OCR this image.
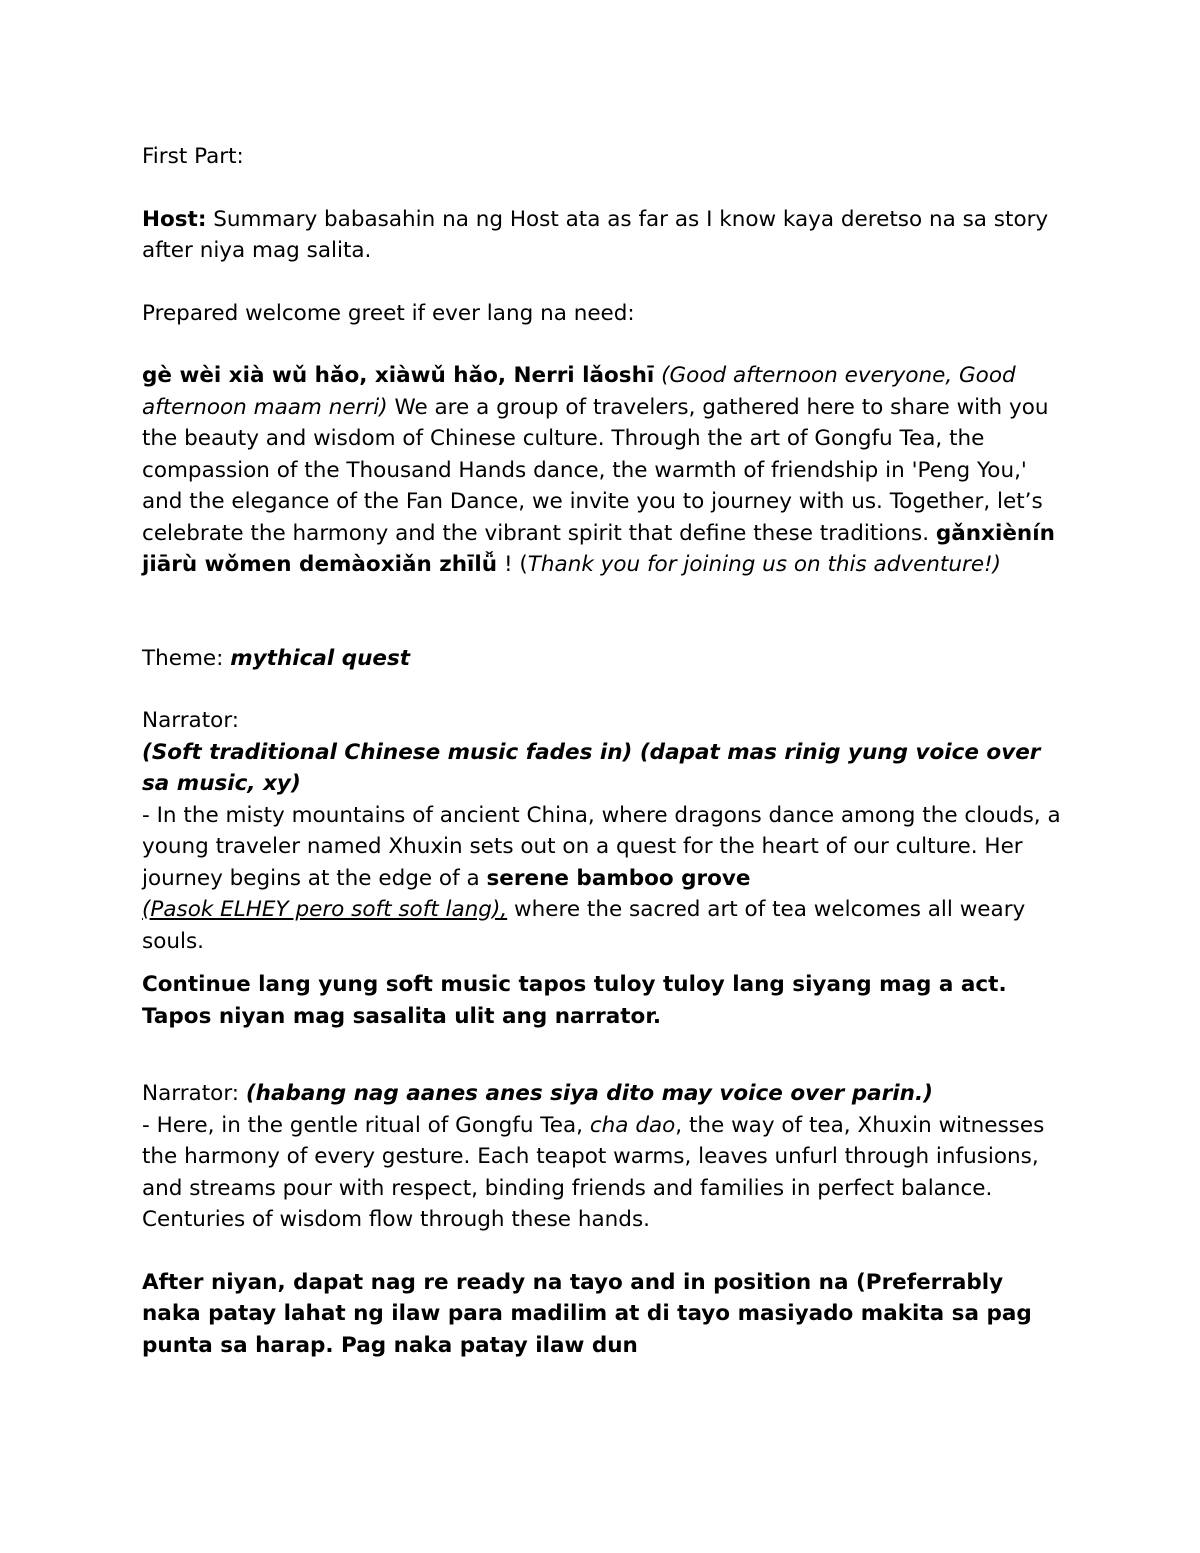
First Part:

Host: Summary babasahin na ng Host ata as far as I know kaya deretso na sa story after niya mag salita.

Prepared welcome greet if ever lang na need:

gè wèi xià wǔ hǎo, xiàwǔ hǎo, Nerri lǎoshī (Good afternoon everyone, Good afternoon maam nerri) We are a group of travelers, gathered here to share with you the beauty and wisdom of Chinese culture. Through the art of Gongfu Tea, the compassion of the Thousand Hands dance, the warmth of friendship in 'Peng You,' and the elegance of the Fan Dance, we invite you to journey with us. Together, let’s celebrate the harmony and the vibrant spirit that define these traditions. gǎnxiènín jiārù wǒmen demàoxiǎn zhīlǚ ! (Thank you for joining us on this adventure!)

Theme: mythical quest

Narrator:

(Soft traditional Chinese music fades in) (dapat mas rinig yung voice over sa music, xy)

- In the misty mountains of ancient China, where dragons dance among the clouds, a young traveler named Xhuxin sets out on a quest for the heart of our culture. Her journey begins at the edge of a serene bamboo grove
(Pasok ELHEY pero soft soft lang), where the sacred art of tea welcomes all weary souls.

Continue lang yung soft music tapos tuloy tuloy lang siyang mag a act. Tapos niyan mag sasalita ulit ang narrator.

Narrator: (habang nag aanes anes siya dito may voice over parin.)

- Here, in the gentle ritual of Gongfu Tea, cha dao, the way of tea, Xhuxin witnesses the harmony of every gesture. Each teapot warms, leaves unfurl through infusions, and streams pour with respect, binding friends and families in perfect balance. Centuries of wisdom flow through these hands.

After niyan, dapat nag re ready na tayo and in position na (Preferrably naka patay lahat ng ilaw para madilim at di tayo masiyado makita sa pag punta sa harap. Pag naka patay ilaw dun
